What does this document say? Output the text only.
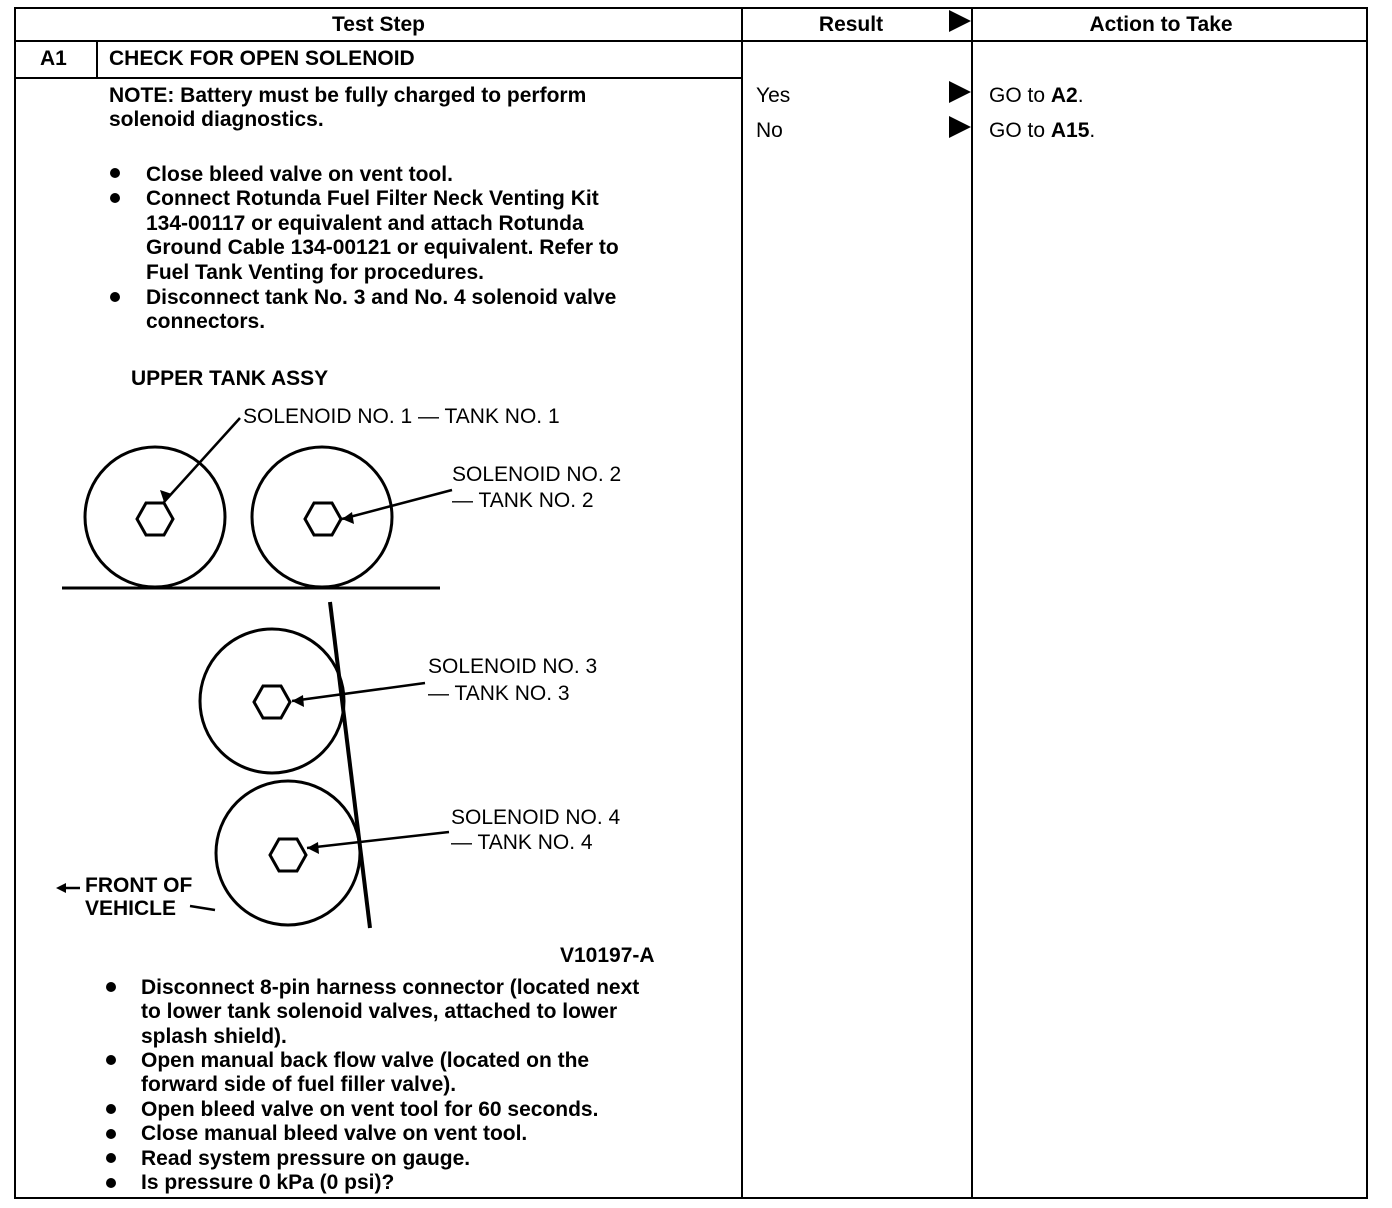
Test Step	Result	Action to Take
A1 CHECK FOR OPEN SOLENOID
NOTE: Battery must be fully charged to perform
solenoid diagnostics.
Close bleed valve on vent tool.
Connect Rotunda Fuel Filter Neck Venting Kit
134-00117 or equivalent and attach Rotunda
Ground Cable 134-00121 or equivalent. Refer to
Fuel Tank Venting for procedures.
Disconnect tank No. 3 and No. 4 solenoid valve
connectors.
UPPER TANK ASSY
SOLENOID NO. 1 — TANK NO. 1
SOLENOID NO. 2
— TANK NO. 2
SOLENOID NO. 3
— TANK NO. 3
SOLENOID NO. 4
— TANK NO. 4
FRONT OF
VEHICLE
V10197-A
Disconnect 8-pin harness connector (located next
to lower tank solenoid valves, attached to lower
splash shield).
Open manual back flow valve (located on the
forward side of fuel filler valve).
Open bleed valve on vent tool for 60 seconds.
Close manual bleed valve on vent tool.
Read system pressure on gauge.
Is pressure 0 kPa (0 psi)?
Yes	GO to A2.
No	GO to A15.
